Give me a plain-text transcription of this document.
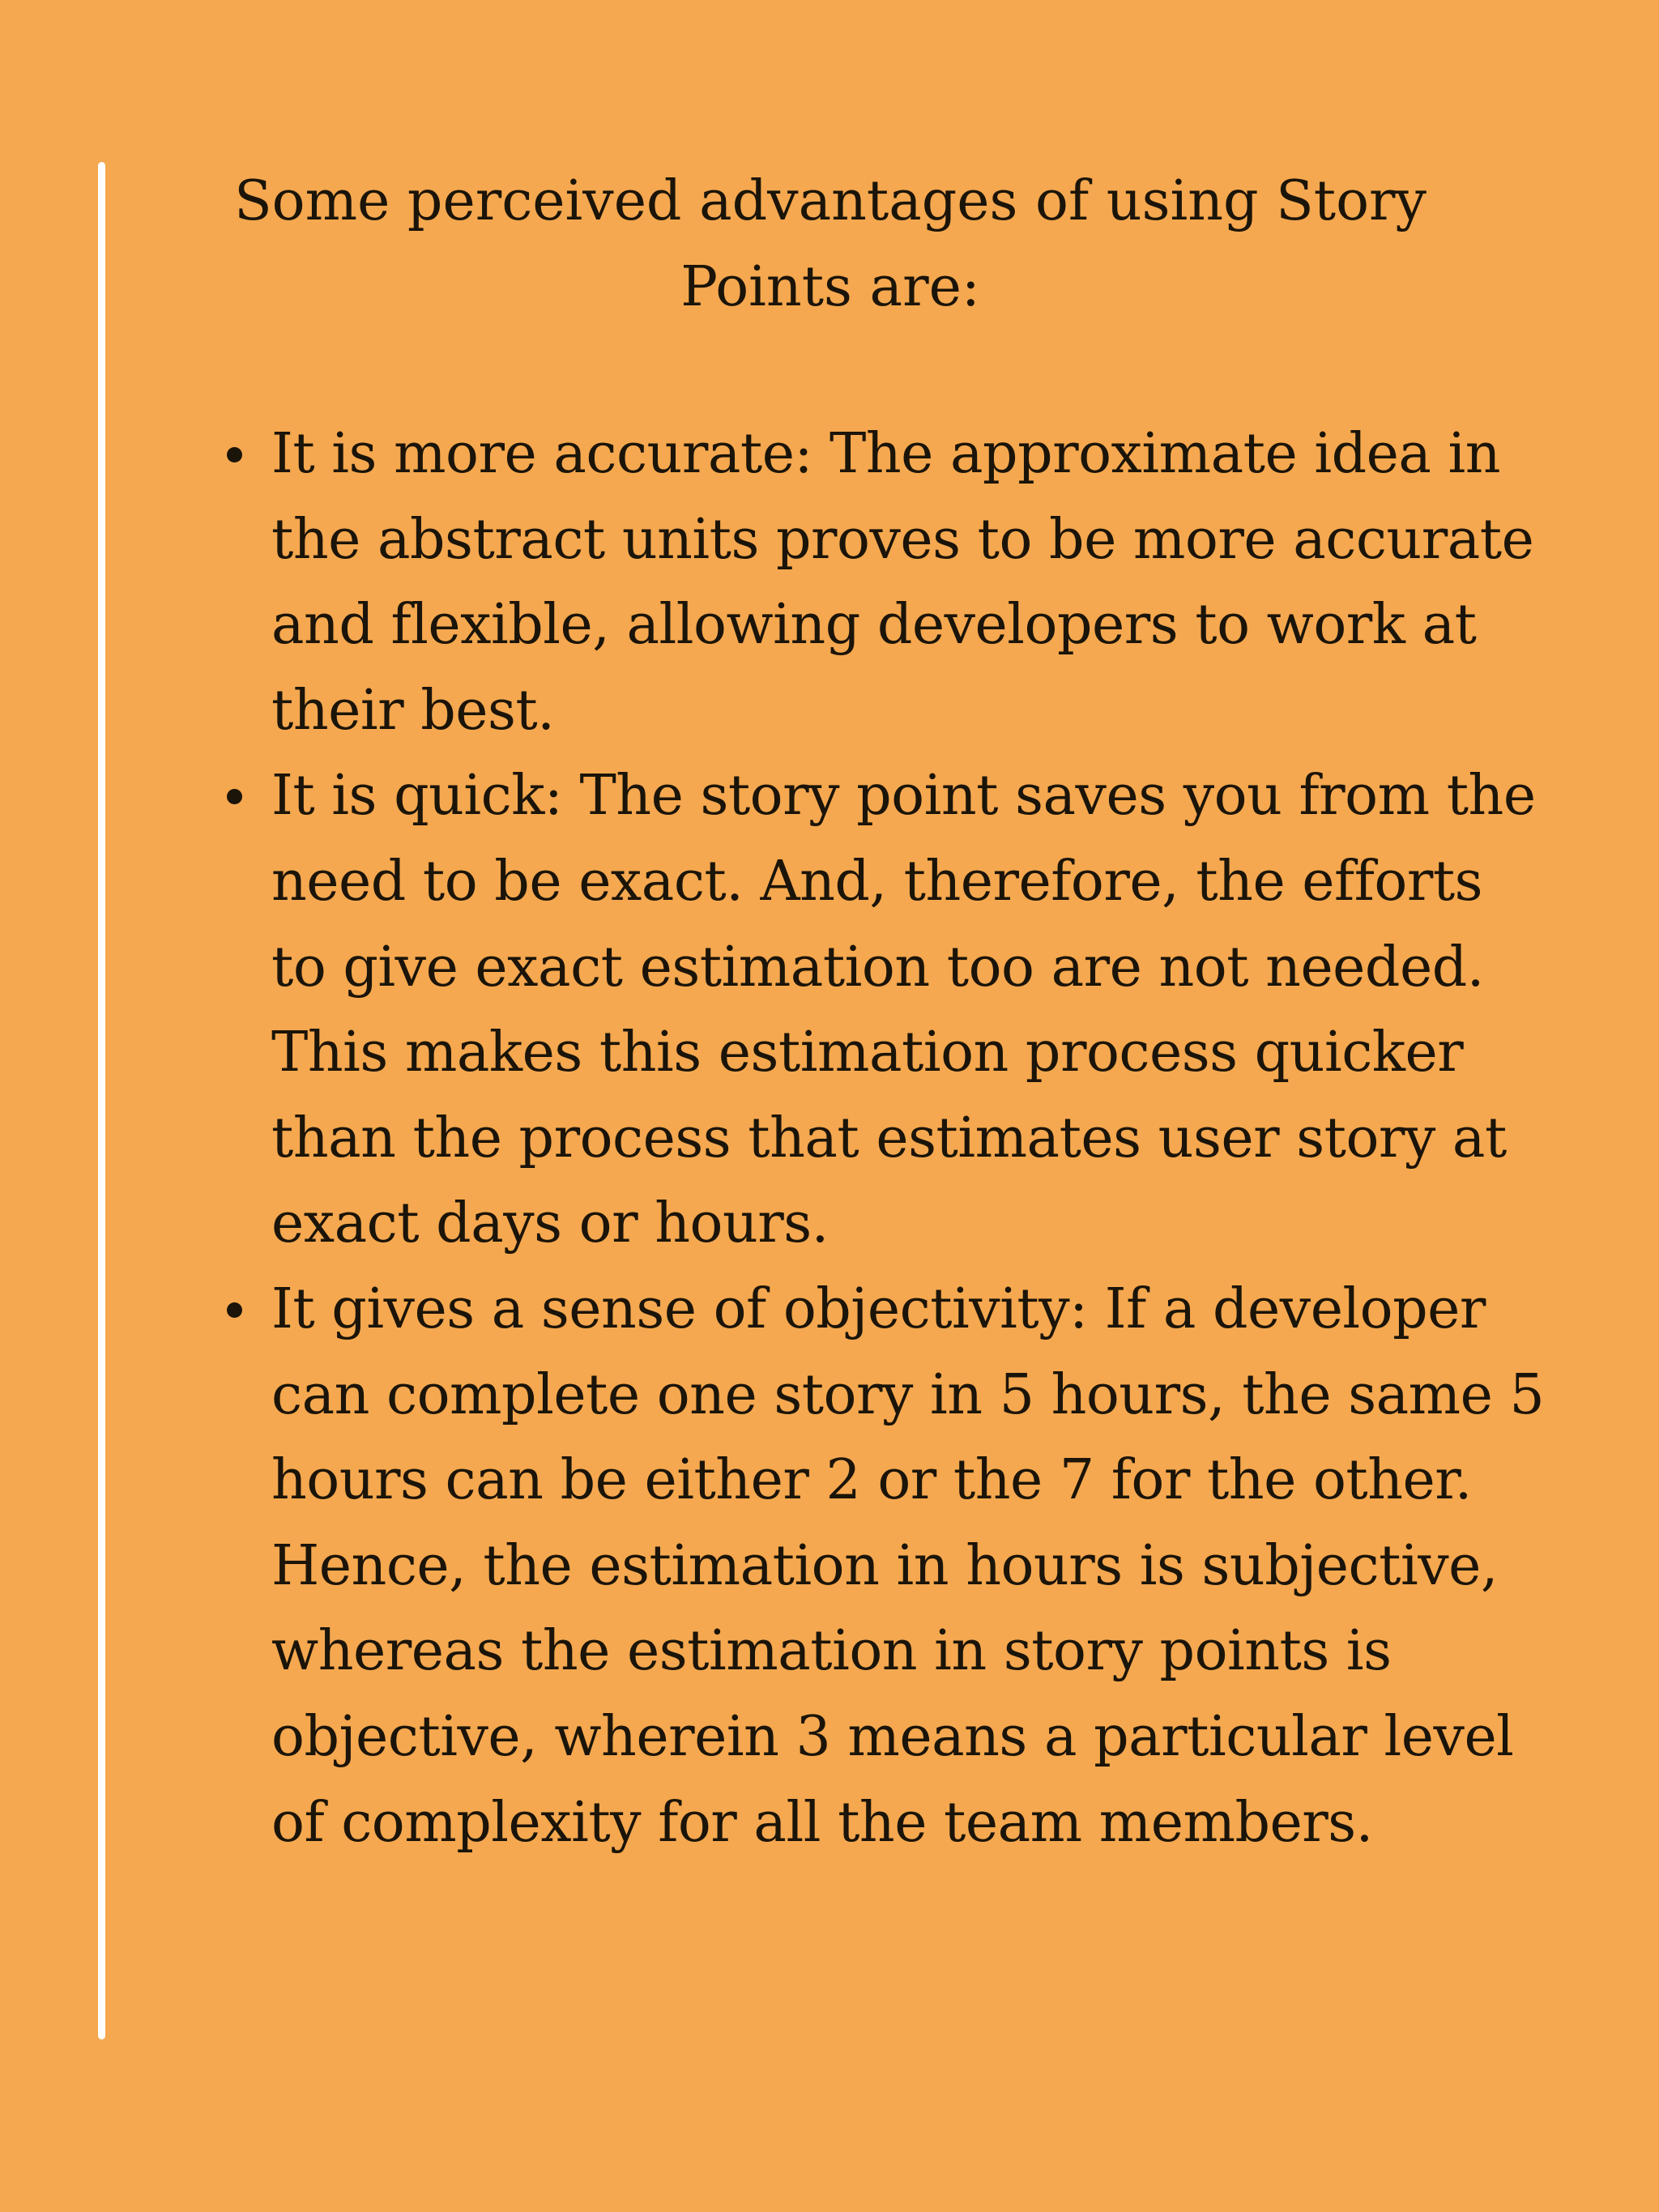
Some perceived advantages of using Story Points are:
It is more accurate: The approximate idea in the abstract units proves to be more accurate and flexible, allowing developers to work at their best.
It is quick: The story point saves you from the need to be exact. And, therefore, the efforts to give exact estimation too are not needed. This makes this estimation process quicker than the process that estimates user story at exact days or hours.
It gives a sense of objectivity: If a developer can complete one story in 5 hours, the same 5 hours can be either 2 or the 7 for the other. Hence, the estimation in hours is subjective, whereas the estimation in story points is objective, wherein 3 means a particular level of complexity for all the team members.
